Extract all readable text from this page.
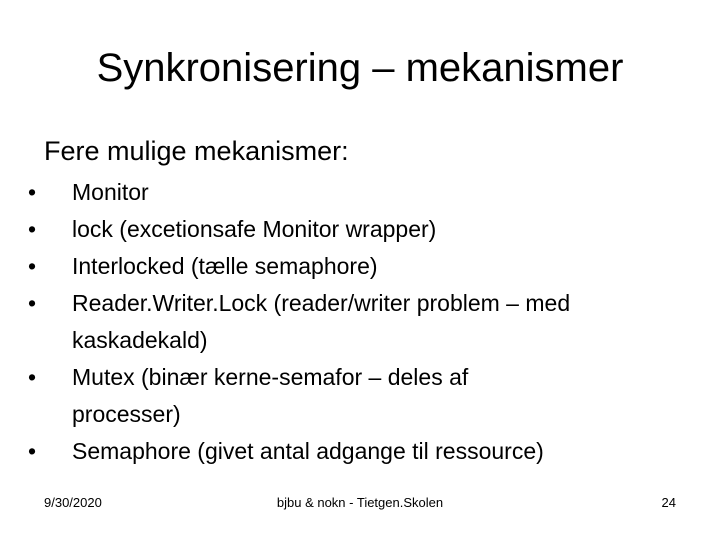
Synkronisering – mekanismer
Fere mulige mekanismer:
• Monitor
• lock (excetionsafe Monitor wrapper)
• Interlocked (tælle semaphore)
• Reader.Writer.Lock (reader/writer problem – med
kaskadekald)
• Mutex (binær kerne-semafor – deles af
processer)
• Semaphore (givet antal adgange til ressource)
bjbu & nokn - Tietgen.Skolen
9/30/2020	24
